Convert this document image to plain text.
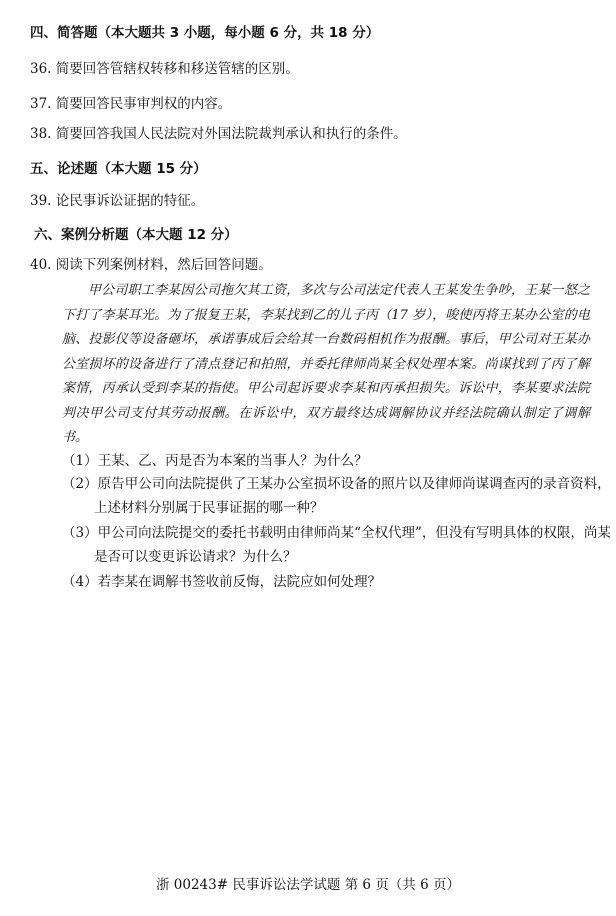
四、简答题（本大题共 3 小题，每小题 6 分，共 18 分）
36. 简要回答管辖权转移和移送管辖的区别。
37. 简要回答民事审判权的内容。
38. 简要回答我国人民法院对外国法院裁判承认和执行的条件。
五、论述题（本大题 15 分）
39. 论民事诉讼证据的特征。
六、案例分析题（本大题 12 分）
40. 阅读下列案例材料，然后回答问题。
甲公司职工李某因公司拖欠其工资，多次与公司法定代表人王某发生争吵，王某一怒之下打了李某耳光。为了报复王某，李某找到乙的儿子丙（17 岁），唆使丙将王某办公室的电脑、投影仪等设备砸坏，承诺事成后会给其一台数码相机作为报酬。事后，甲公司对王某办公室损坏的设备进行了清点登记和拍照，并委托律师尚某全权处理本案。尚谋找到了丙了解案情，丙承认受到李某的指使。甲公司起诉要求李某和丙承担损失。诉讼中，李某要求法院判决甲公司支付其劳动报酬。在诉讼中，双方最终达成调解协议并经法院确认制定了调解书。
（1）王某、乙、丙是否为本案的当事人？为什么？
（2）原告甲公司向法院提供了王某办公室损坏设备的照片以及律师尚谋调查丙的录音资料，上述材料分别属于民事证据的哪一种？
（3）甲公司向法院提交的委托书载明由律师尚某“全权代理”，但没有写明具体的权限，尚某是否可以变更诉讼请求？为什么？
（4）若李某在调解书签收前反悔，法院应如何处理？
浙 00243# 民事诉讼法学试题 第 6 页（共 6 页）
